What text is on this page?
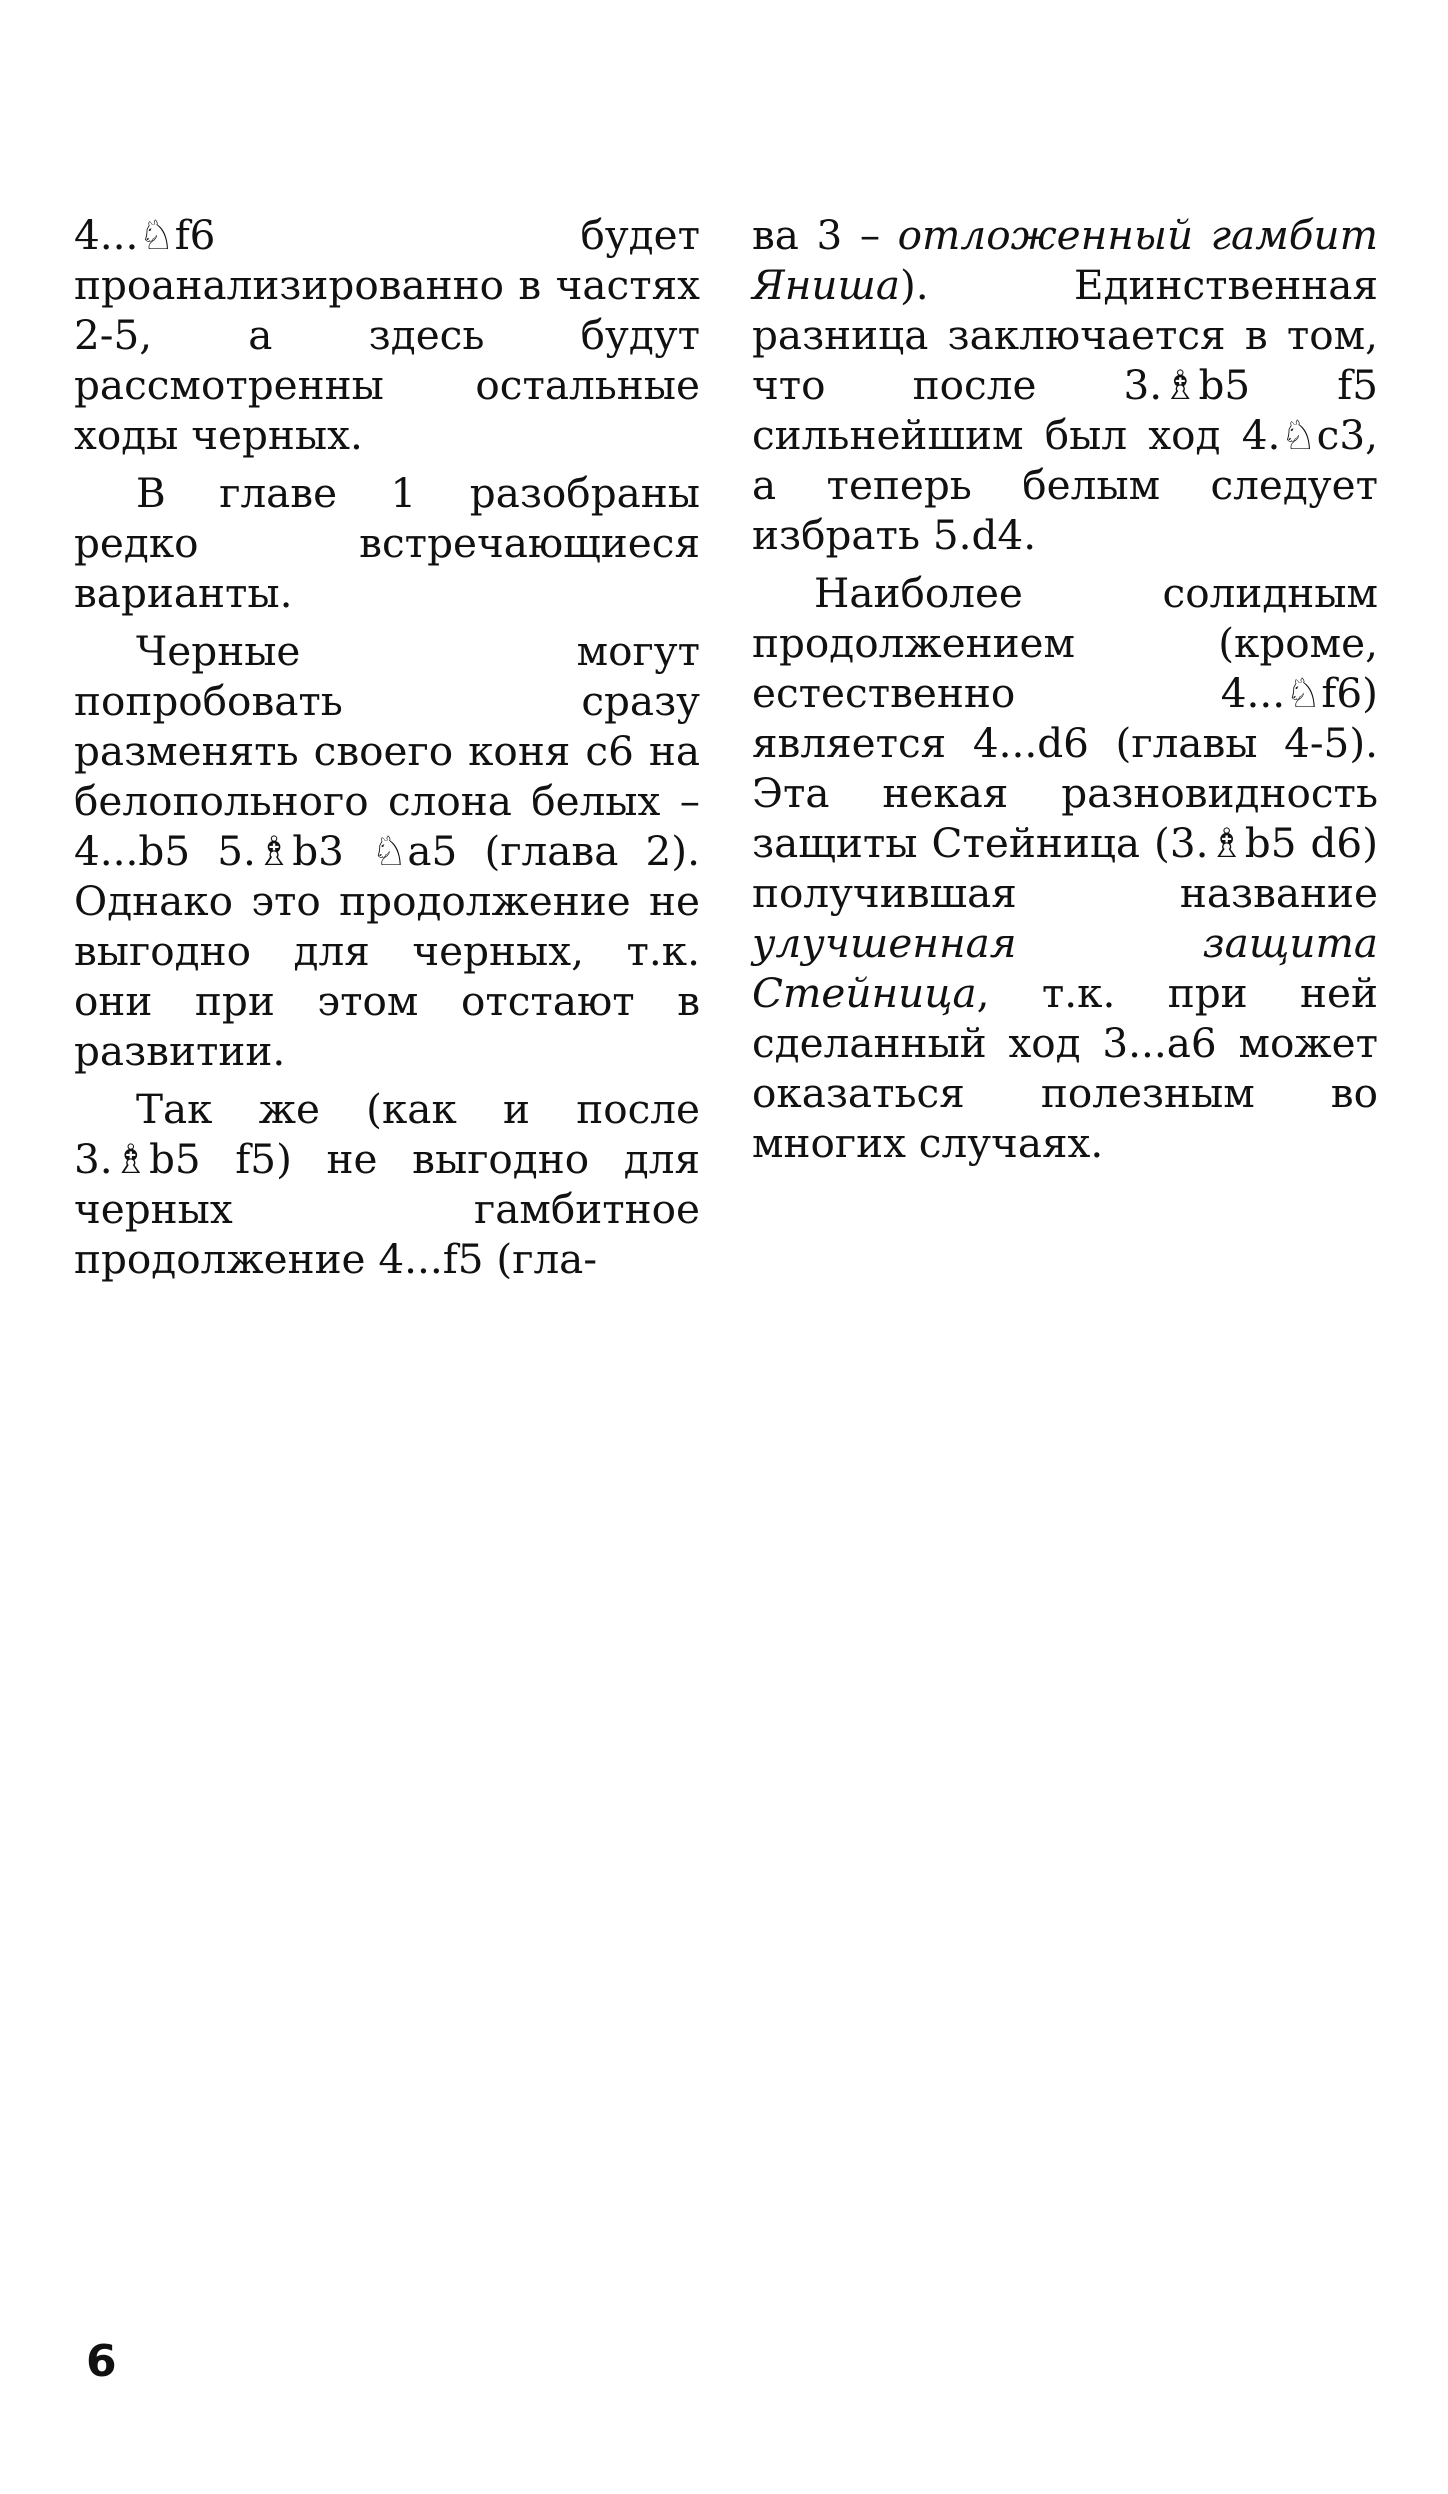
4...♘f6 будет проанализированно в частях 2-5, а здесь будут рассмотренны остальные ходы черных.

В главе 1 разобраны редко встречающиеся варианты.

Черные могут попробовать сразу разменять своего коня с6 на белопольного слона белых – 4...b5 5.♗b3 ♘a5 (глава 2). Однако это продолжение не выгодно для черных, т.к. они при этом отстают в развитии.

Так же (как и после 3.♗b5 f5) не выгодно для черных гамбитное продолжение 4...f5 (гла-

ва 3 – отложенный гамбит Яниша). Единственная разница заключается в том, что после 3.♗b5 f5 сильнейшим был ход 4.♘c3, а теперь белым следует избрать 5.d4.

Наиболее солидным продолжением (кроме, естественно 4...♘f6) является 4...d6 (главы 4-5). Эта некая разновидность защиты Стейница (3.♗b5 d6) получившая название улучшенная защита Стейница, т.к. при ней сделанный ход 3...a6 может оказаться полезным во многих случаях.

6
